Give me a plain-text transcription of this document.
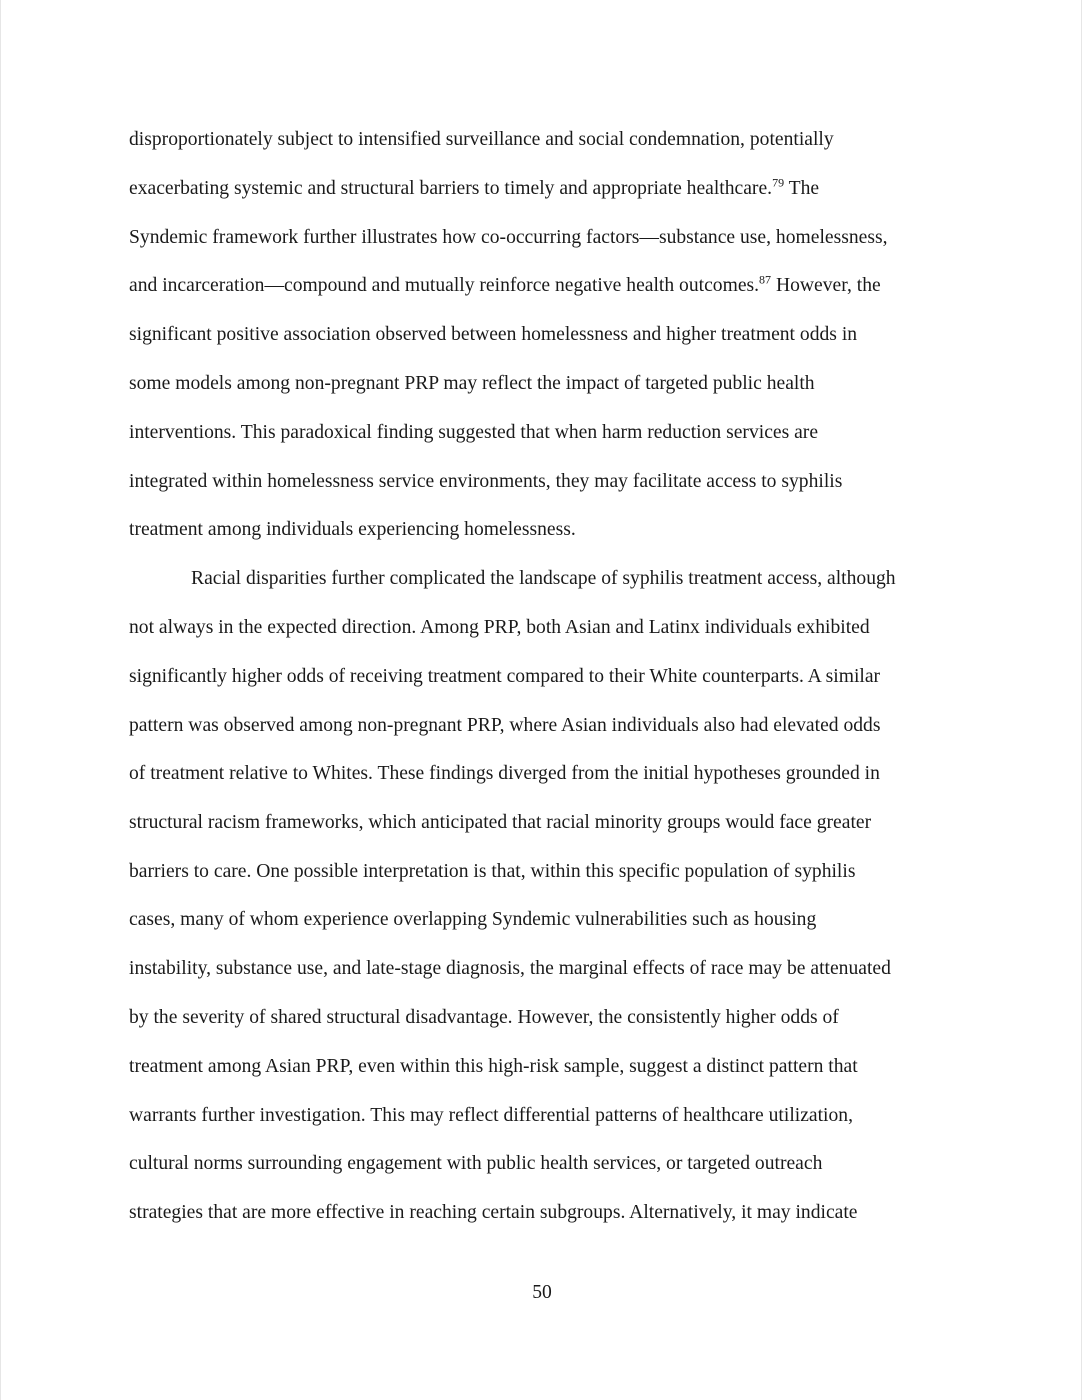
disproportionately subject to intensified surveillance and social condemnation, potentially
exacerbating systemic and structural barriers to timely and appropriate healthcare.$^{79}$ The
Syndemic framework further illustrates how co-occurring factors—substance use, homelessness,
and incarceration—compound and mutually reinforce negative health outcomes.$^{87}$ However, the
significant positive association observed between homelessness and higher treatment odds in
some models among non-pregnant PRP may reflect the impact of targeted public health
interventions. This paradoxical finding suggested that when harm reduction services are
integrated within homelessness service environments, they may facilitate access to syphilis
treatment among individuals experiencing homelessness.
Racial disparities further complicated the landscape of syphilis treatment access, although
not always in the expected direction. Among PRP, both Asian and Latinx individuals exhibited
significantly higher odds of receiving treatment compared to their White counterparts. A similar
pattern was observed among non-pregnant PRP, where Asian individuals also had elevated odds
of treatment relative to Whites. These findings diverged from the initial hypotheses grounded in
structural racism frameworks, which anticipated that racial minority groups would face greater
barriers to care. One possible interpretation is that, within this specific population of syphilis
cases, many of whom experience overlapping Syndemic vulnerabilities such as housing
instability, substance use, and late-stage diagnosis, the marginal effects of race may be attenuated
by the severity of shared structural disadvantage. However, the consistently higher odds of
treatment among Asian PRP, even within this high-risk sample, suggest a distinct pattern that
warrants further investigation. This may reflect differential patterns of healthcare utilization,
cultural norms surrounding engagement with public health services, or targeted outreach
strategies that are more effective in reaching certain subgroups. Alternatively, it may indicate
50
